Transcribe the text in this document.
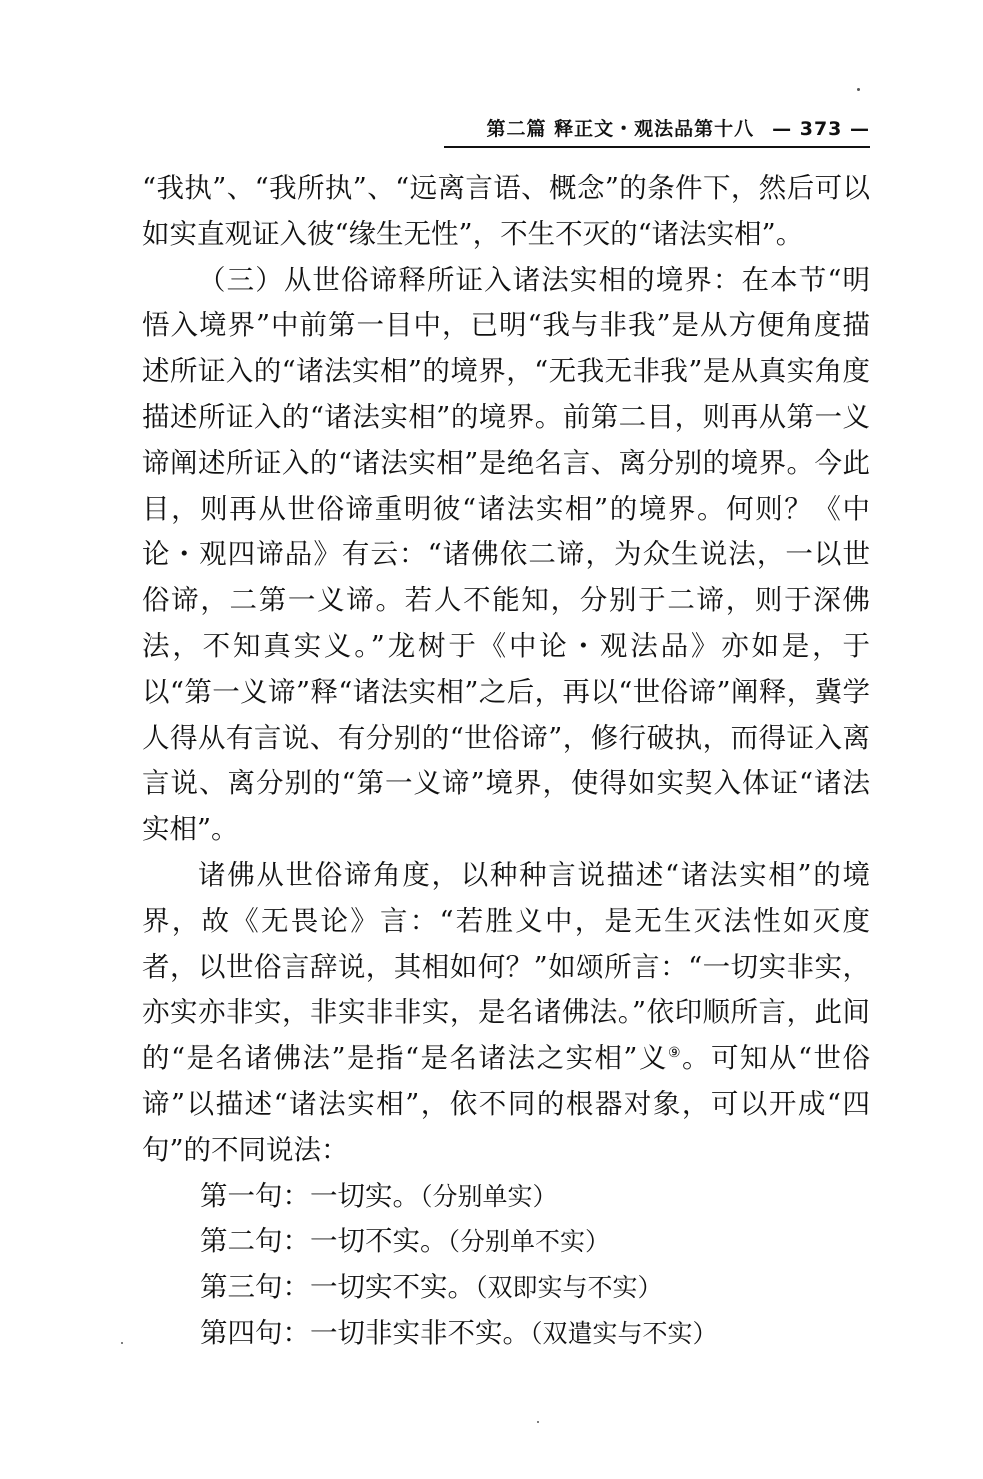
第二篇 释正文・观法品第十八 — 373 —

“我执”、“我所执”、“远离言语、概念”的条件下，然后可以如实直观证入彼“缘生无性”，不生不灭的“诸法实相”。

（三）从世俗谛释所证入诸法实相的境界：在本节“明悟入境界”中前第一目中，已明“我与非我”是从方便角度描述所证入的“诸法实相”的境界，“无我无非我”是从真实角度描述所证入的“诸法实相”的境界。前第二目，则再从第一义谛阐述所证入的“诸法实相”是绝名言、离分别的境界。今此目，则再从世俗谛重明彼“诸法实相”的境界。何则？《中论・观四谛品》有云：“诸佛依二谛，为众生说法，一以世俗谛，二第一义谛。若人不能知，分别于二谛，则于深佛法，不知真实义。”龙树于《中论・观法品》亦如是，于以“第一义谛”释“诸法实相”之后，再以“世俗谛”阐释，冀学人得从有言说、有分别的“世俗谛”，修行破执，而得证入离言说、离分别的“第一义谛”境界，使得如实契入体证“诸法实相”。

诸佛从世俗谛角度，以种种言说描述“诸法实相”的境界，故《无畏论》言：“若胜义中，是无生灭法性如灭度者，以世俗言辞说，其相如何？”如颂所言：“一切实非实，亦实亦非实，非实非非实，是名诸佛法。”依印顺所言，此间的“是名诸佛法”是指“是名诸法之实相”义⑨。可知从“世俗谛”以描述“诸法实相”，依不同的根器对象，可以开成“四句”的不同说法：

第一句：一切实。（分别单实）

第二句：一切不实。（分别单不实）

第三句：一切实不实。（双即实与不实）

第四句：一切非实非不实。（双遣实与不实）
